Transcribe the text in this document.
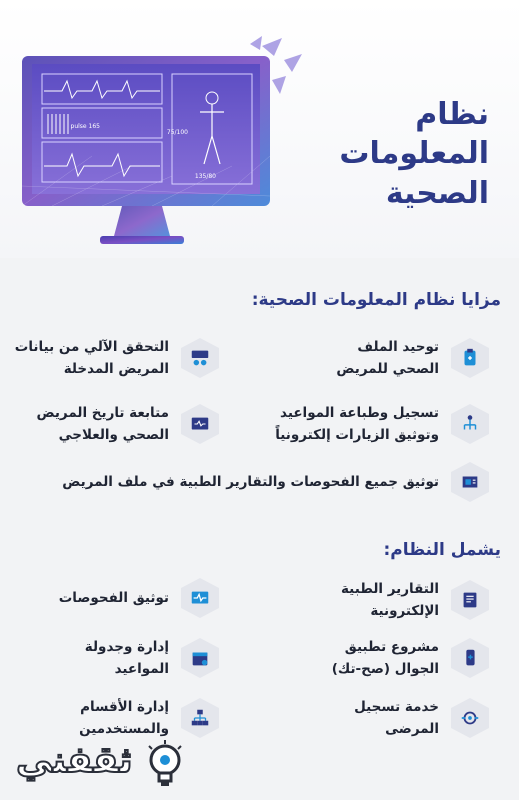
pulse 165
75/100
135/80
نظام
المعلومات
الصحية
مزايا نظام المعلومات الصحية:
توحيد الملف
الصحي للمريض
التحقق الآلي من بيانات
المريض المدخلة
تسجيل وطباعة المواعيد
وتوثيق الزيارات إلكترونياً
متابعة تاريخ المريض
الصحي والعلاجي
توثيق جميع الفحوصات والتقارير الطبية في ملف المريض
يشمل النظام:
التقارير الطبية
الإلكترونية
توثيق الفحوصات
مشروع تطبيق
الجوال (صح-تك)
إدارة وجدولة
المواعيد
خدمة تسجيل
المرضى
إدارة الأقسام
والمستخدمين
ثقفني
